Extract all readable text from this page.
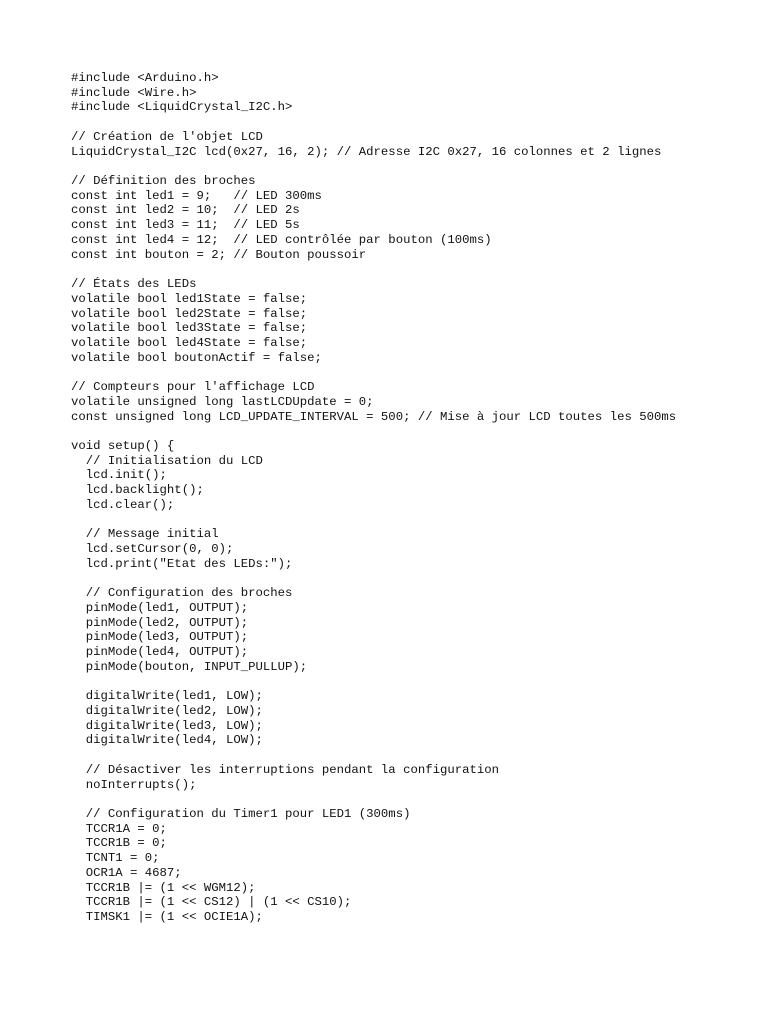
#include <Arduino.h>
#include <Wire.h>
#include <LiquidCrystal_I2C.h>
// Création de l'objet LCD
LiquidCrystal_I2C lcd(0x27, 16, 2); // Adresse I2C 0x27, 16 colonnes et 2 lignes
// Définition des broches
const int led1 = 9;   // LED 300ms
const int led2 = 10;  // LED 2s
const int led3 = 11;  // LED 5s
const int led4 = 12;  // LED contrôlée par bouton (100ms)
const int bouton = 2; // Bouton poussoir
// États des LEDs
volatile bool led1State = false;
volatile bool led2State = false;
volatile bool led3State = false;
volatile bool led4State = false;
volatile bool boutonActif = false;
// Compteurs pour l'affichage LCD
volatile unsigned long lastLCDUpdate = 0;
const unsigned long LCD_UPDATE_INTERVAL = 500; // Mise à jour LCD toutes les 500ms
void setup() {
// Initialisation du LCD
lcd.init();
lcd.backlight();
lcd.clear();
// Message initial
lcd.setCursor(0, 0);
lcd.print("Etat des LEDs:");
// Configuration des broches
pinMode(led1, OUTPUT);
pinMode(led2, OUTPUT);
pinMode(led3, OUTPUT);
pinMode(led4, OUTPUT);
pinMode(bouton, INPUT_PULLUP);
digitalWrite(led1, LOW);
digitalWrite(led2, LOW);
digitalWrite(led3, LOW);
digitalWrite(led4, LOW);
// Désactiver les interruptions pendant la configuration
noInterrupts();
// Configuration du Timer1 pour LED1 (300ms)
TCCR1A = 0;
TCCR1B = 0;
TCNT1 = 0;
OCR1A = 4687;
TCCR1B |= (1 << WGM12);
TCCR1B |= (1 << CS12) | (1 << CS10);
TIMSK1 |= (1 << OCIE1A);
